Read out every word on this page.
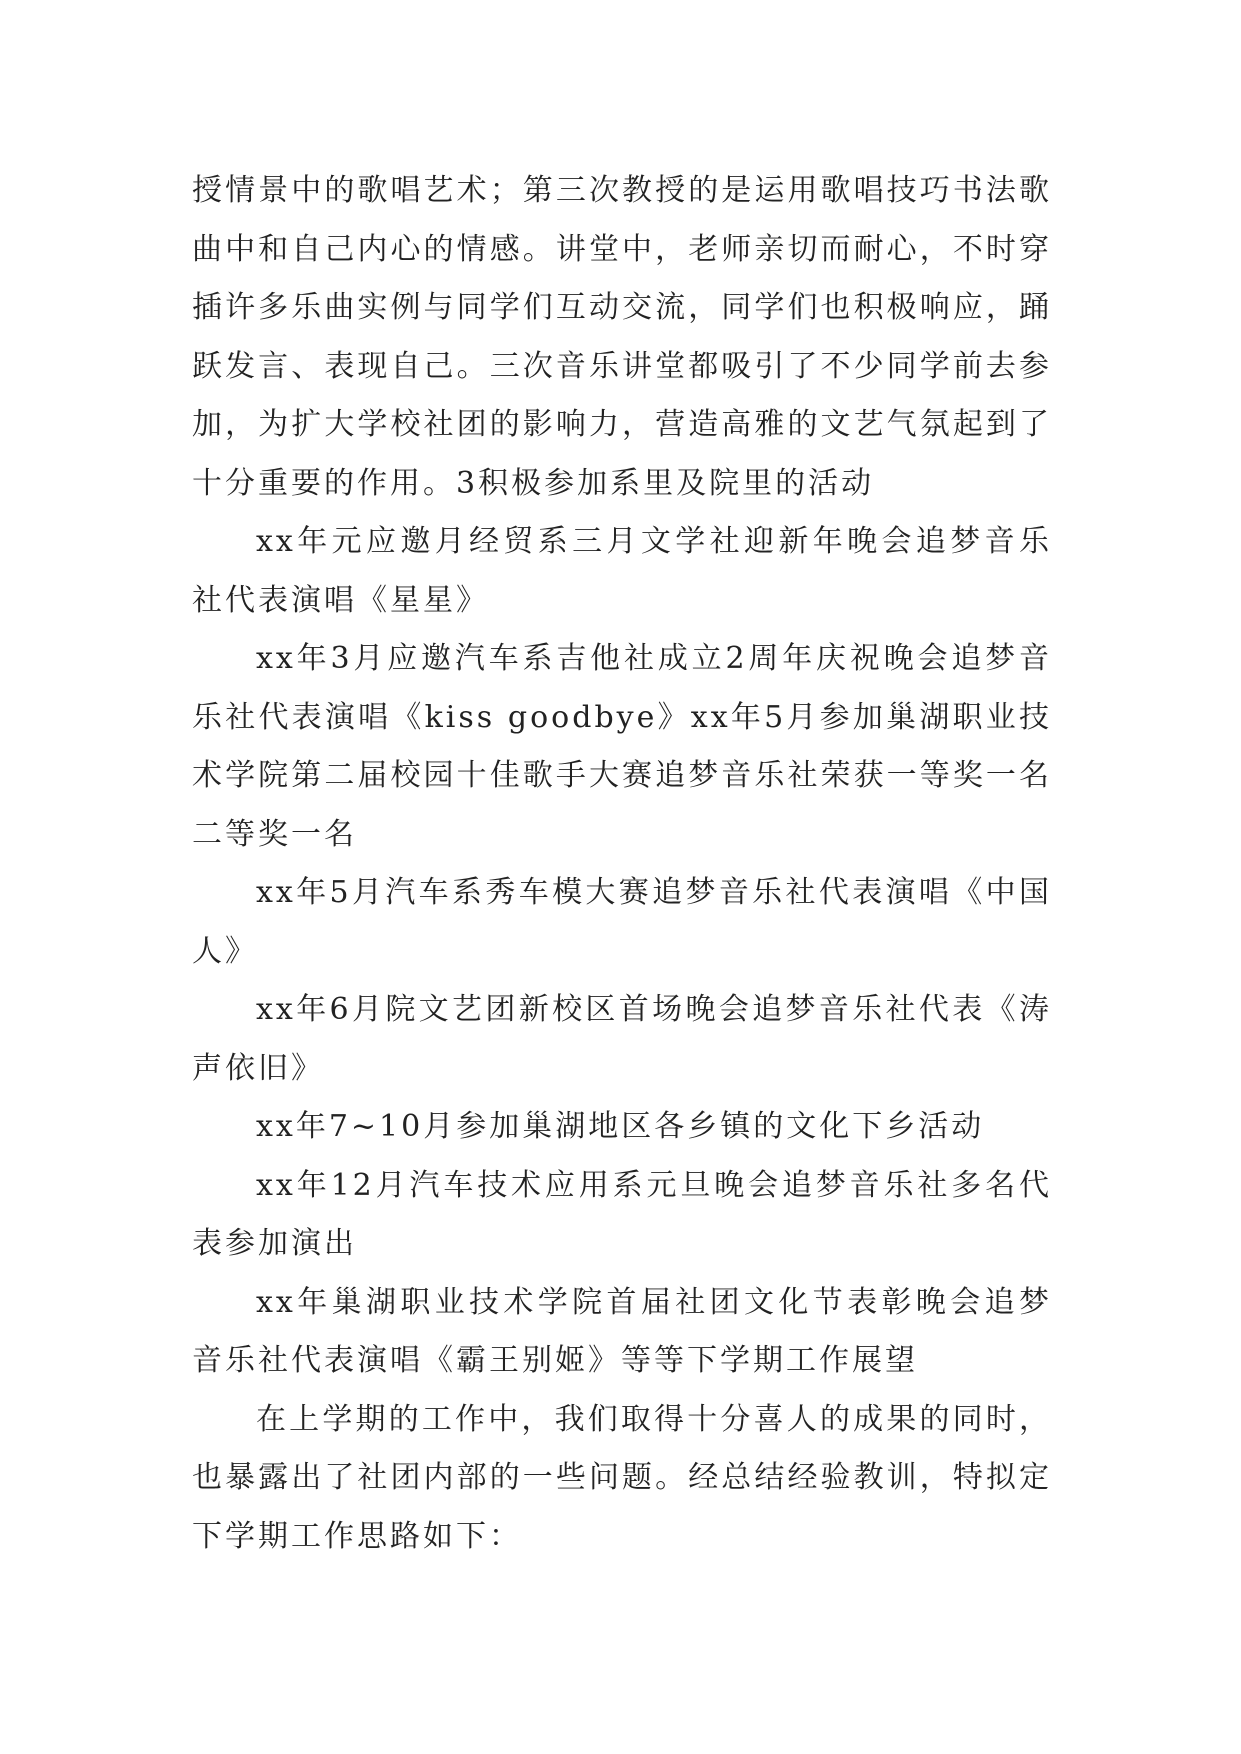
授情景中的歌唱艺术；第三次教授的是运用歌唱技巧书法歌曲中和自己内心的情感。讲堂中，老师亲切而耐心，不时穿插许多乐曲实例与同学们互动交流，同学们也积极响应，踊跃发言、表现自己。三次音乐讲堂都吸引了不少同学前去参加，为扩大学校社团的影响力，营造高雅的文艺气氛起到了十分重要的作用。3积极参加系里及院里的活动

xx年元应邀月经贸系三月文学社迎新年晚会追梦音乐社代表演唱《星星》

xx年3月应邀汽车系吉他社成立2周年庆祝晚会追梦音乐社代表演唱《kiss goodbye》xx年5月参加巢湖职业技术学院第二届校园十佳歌手大赛追梦音乐社荣获一等奖一名二等奖一名

xx年5月汽车系秀车模大赛追梦音乐社代表演唱《中国人》

xx年6月院文艺团新校区首场晚会追梦音乐社代表《涛声依旧》

xx年7~10月参加巢湖地区各乡镇的文化下乡活动

xx年12月汽车技术应用系元旦晚会追梦音乐社多名代表参加演出

xx年巢湖职业技术学院首届社团文化节表彰晚会追梦音乐社代表演唱《霸王别姬》等等下学期工作展望

在上学期的工作中，我们取得十分喜人的成果的同时，也暴露出了社团内部的一些问题。经总结经验教训，特拟定下学期工作思路如下：
